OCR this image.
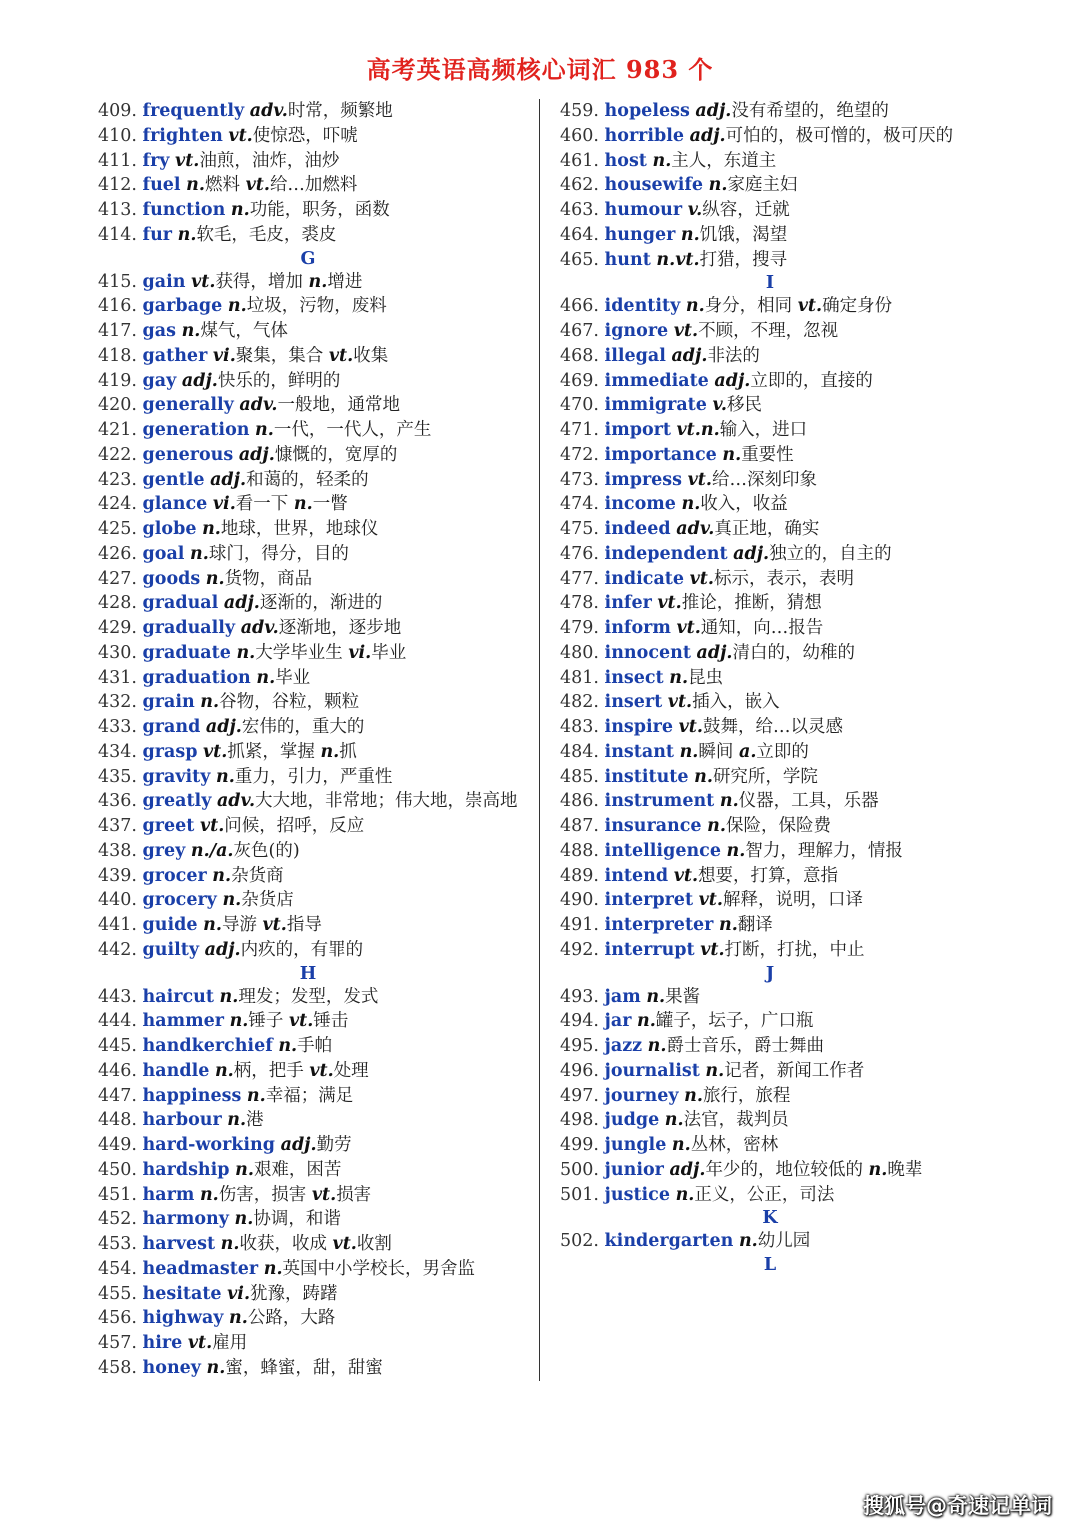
高考英语高频核心词汇 983 个
409. frequently adv.时常，频繁地
410. frighten vt.使惊恐，吓唬
411. fry vt.油煎，油炸，油炒
412. fuel n.燃料 vt.给…加燃料
413. function n.功能，职务，函数
414. fur n.软毛，毛皮，裘皮
G
415. gain vt.获得，增加 n.增进
416. garbage n.垃圾，污物，废料
417. gas n.煤气，气体
418. gather vi.聚集，集合 vt.收集
419. gay adj.快乐的，鲜明的
420. generally adv.一般地，通常地
421. generation n.一代，一代人，产生
422. generous adj.慷慨的，宽厚的
423. gentle adj.和蔼的，轻柔的
424. glance vi.看一下 n.一瞥
425. globe n.地球，世界，地球仪
426. goal n.球门，得分，目的
427. goods n.货物，商品
428. gradual adj.逐渐的，渐进的
429. gradually adv.逐渐地，逐步地
430. graduate n.大学毕业生 vi.毕业
431. graduation n.毕业
432. grain n.谷物，谷粒，颗粒
433. grand adj.宏伟的，重大的
434. grasp vt.抓紧，掌握 n.抓
435. gravity n.重力，引力，严重性
436. greatly adv.大大地，非常地；伟大地，崇高地
437. greet vt.问候，招呼，反应
438. grey n./a.灰色(的)
439. grocer n.杂货商
440. grocery n.杂货店
441. guide n.导游 vt.指导
442. guilty adj.内疚的，有罪的
H
443. haircut n.理发；发型，发式
444. hammer n.锤子 vt.锤击
445. handkerchief n.手帕
446. handle n.柄，把手 vt.处理
447. happiness n.幸福；满足
448. harbour n.港
449. hard-working adj.勤劳
450. hardship n.艰难，困苦
451. harm n.伤害，损害 vt.损害
452. harmony n.协调，和谐
453. harvest n.收获，收成 vt.收割
454. headmaster n.英国中小学校长，男舍监
455. hesitate vi.犹豫，踌躇
456. highway n.公路，大路
457. hire vt.雇用
458. honey n.蜜，蜂蜜，甜，甜蜜
459. hopeless adj.没有希望的，绝望的
460. horrible adj.可怕的，极可憎的，极可厌的
461. host n.主人，东道主
462. housewife n.家庭主妇
463. humour v.纵容，迁就
464. hunger n.饥饿，渴望
465. hunt n.vt.打猎，搜寻
I
466. identity n.身分，相同 vt.确定身份
467. ignore vt.不顾，不理，忽视
468. illegal adj.非法的
469. immediate adj.立即的，直接的
470. immigrate v.移民
471. import vt.n.输入，进口
472. importance n.重要性
473. impress vt.给…深刻印象
474. income n.收入，收益
475. indeed adv.真正地，确实
476. independent adj.独立的，自主的
477. indicate vt.标示，表示，表明
478. infer vt.推论，推断，猜想
479. inform vt.通知，向…报告
480. innocent adj.清白的，幼稚的
481. insect n.昆虫
482. insert vt.插入，嵌入
483. inspire vt.鼓舞，给…以灵感
484. instant n.瞬间 a.立即的
485. institute n.研究所，学院
486. instrument n.仪器，工具，乐器
487. insurance n.保险，保险费
488. intelligence n.智力，理解力，情报
489. intend vt.想要，打算，意指
490. interpret vt.解释，说明，口译
491. interpreter n.翻译
492. interrupt vt.打断，打扰，中止
J
493. jam n.果酱
494. jar n.罐子，坛子，广口瓶
495. jazz n.爵士音乐，爵士舞曲
496. journalist n.记者，新闻工作者
497. journey n.旅行，旅程
498. judge n.法官，裁判员
499. jungle n.丛林，密林
500. junior adj.年少的，地位较低的 n.晚辈
501. justice n.正义，公正，司法
K
502. kindergarten n.幼儿园
L
搜狐号@奇速记单词
